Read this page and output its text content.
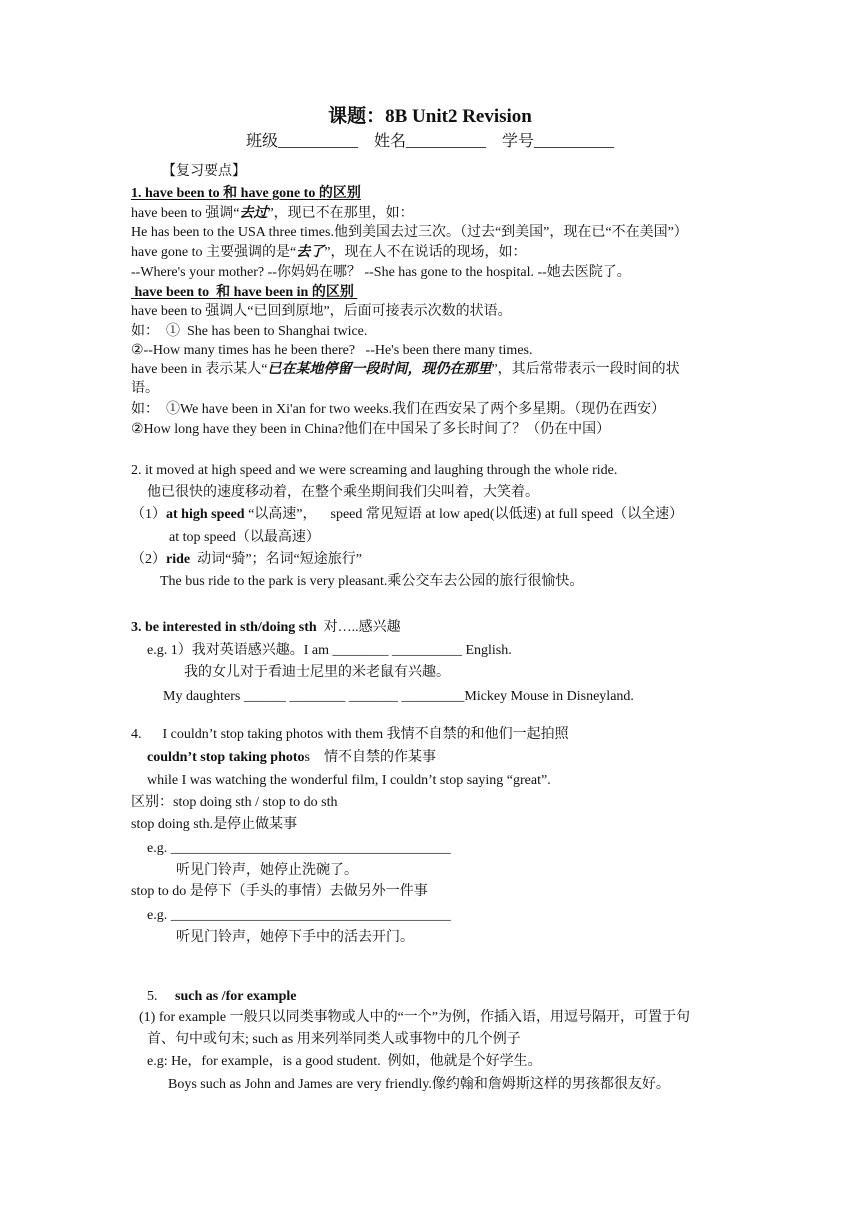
课题：8B Unit2 Revision
班级__________    姓名__________    学号__________
【复习要点】
1. have been to 和 have gone to 的区别
have been to 强调“去过”，现已不在那里，如：
He has been to the USA three times.他到美国去过三次。（过去“到美国”，现在已“不在美国”）
have gone to 主要强调的是“去了”，现在人不在说话的现场，如：
--Where's your mother? --你妈妈在哪？ --She has gone to the hospital. --她去医院了。
have been to  和 have been in 的区别
have been to 强调人“已回到原地”，后面可接表示次数的状语。
如：  ①  She has been to Shanghai twice.
②--How many times has he been there?   --He's been there many times.
have been in 表示某人“已在某地停留一段时间，现仍在那里”，其后常带表示一段时间的状
语。
如：  ①We have been in Xi'an for two weeks.我们在西安呆了两个多星期。（现仍在西安）
②How long have they been in China?他们在中国呆了多长时间了？（仍在中国）
2. it moved at high speed and we were screaming and laughing through the whole ride.
他已很快的速度移动着，在整个乘坐期间我们尖叫着，大笑着。
（1）at high speed “以高速”，    speed 常见短语 at low aped(以低速) at full speed（以全速）
at top speed（以最高速）
（2）ride  动词“骑”；名词“短途旅行”
The bus ride to the park is very pleasant.乘公交车去公园的旅行很愉快。
3. be interested in sth/doing sth  对…..感兴趣
e.g. 1）我对英语感兴趣。I am ________ __________ English.
我的女儿对于看迪士尼里的米老鼠有兴趣。
My daughters ______ ________ _______ _________Mickey Mouse in Disneyland.
4.      I couldn’t stop taking photos with them 我情不自禁的和他们一起拍照
couldn’t stop taking photos    情不自禁的作某事
while I was watching the wonderful film, I couldn’t stop saying “great”.
区别：stop doing sth / stop to do sth
stop doing sth.是停止做某事
e.g. ________________________________________
听见门铃声，她停止洗碗了。
stop to do 是停下（手头的事情）去做另外一件事
e.g. ________________________________________
听见门铃声，她停下手中的活去开门。
5.     such as /for example
(1) for example 一般只以同类事物或人中的“一个”为例，作插入语，用逗号隔开，可置于句
首、句中或句末; such as 用来列举同类人或事物中的几个例子
e.g: He，for example，is a good student.  例如，他就是个好学生。
Boys such as John and James are very friendly.像约翰和詹姆斯这样的男孩都很友好。
